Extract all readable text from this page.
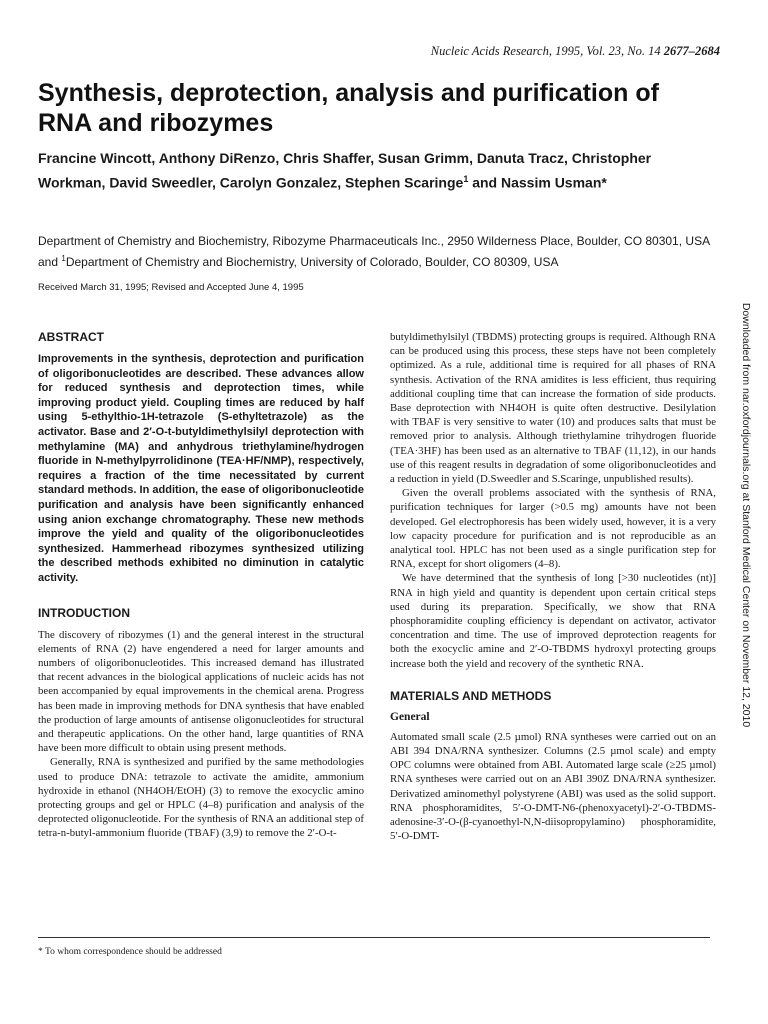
Nucleic Acids Research, 1995, Vol. 23, No. 14 2677–2684
Synthesis, deprotection, analysis and purification of RNA and ribozymes

Francine Wincott, Anthony DiRenzo, Chris Shaffer, Susan Grimm, Danuta Tracz, Christopher Workman, David Sweedler, Carolyn Gonzalez, Stephen Scaringe$^1$ and Nassim Usman*

Department of Chemistry and Biochemistry, Ribozyme Pharmaceuticals Inc., 2950 Wilderness Place, Boulder, CO 80301, USA and $^1$Department of Chemistry and Biochemistry, University of Colorado, Boulder, CO 80309, USA

Received March 31, 1995; Revised and Accepted June 4, 1995
ABSTRACT

Improvements in the synthesis, deprotection and purification of oligoribonucleotides are described. These advances allow for reduced synthesis and deprotection times, while improving product yield. Coupling times are reduced by half using 5-ethylthio-1H-tetrazole (S-ethyltetrazole) as the activator. Base and 2′-O-t-butyldimethylsilyl deprotection with methylamine (MA) and anhydrous triethylamine/hydrogen fluoride in N-methylpyrrolidinone (TEA·HF/NMP), respectively, requires a fraction of the time necessitated by current standard methods. In addition, the ease of oligoribonucleotide purification and analysis have been significantly enhanced using anion exchange chromatography. These new methods improve the yield and quality of the oligoribonucleotides synthesized. Hammerhead ribozymes synthesized utilizing the described methods exhibited no diminution in catalytic activity.

INTRODUCTION

The discovery of ribozymes (1) and the general interest in the structural elements of RNA (2) have engendered a need for larger amounts and numbers of oligoribonucleotides. This increased demand has illustrated that recent advances in the biological applications of nucleic acids has not been accompanied by equal improvements in the chemical arena. Progress has been made in improving methods for DNA synthesis that have enabled the production of large amounts of antisense oligonucleotides for structural and therapeutic applications. On the other hand, large quantities of RNA have been more difficult to obtain using present methods.

Generally, RNA is synthesized and purified by the same methodologies used to produce DNA: tetrazole to activate the amidite, ammonium hydroxide in ethanol (NH4OH/EtOH) (3) to remove the exocyclic amino protecting groups and gel or HPLC (4–8) purification and analysis of the deprotected oligonucleotide. For the synthesis of RNA an additional step of tetra-n-butyl-ammonium fluoride (TBAF) (3,9) to remove the 2′-O-t-

butyldimethylsilyl (TBDMS) protecting groups is required. Although RNA can be produced using this process, these steps have not been completely optimized. As a rule, additional time is required for all phases of RNA synthesis. Activation of the RNA amidites is less efficient, thus requiring additional coupling time that can increase the formation of side products. Base deprotection with NH4OH is quite often destructive. Desilylation with TBAF is very sensitive to water (10) and produces salts that must be removed prior to analysis. Although triethylamine trihydrogen fluoride (TEA·3HF) has been used as an alternative to TBAF (11,12), in our hands use of this reagent results in degradation of some oligoribonucleotides and a reduction in yield (D.Sweedler and S.Scaringe, unpublished results).

Given the overall problems associated with the synthesis of RNA, purification techniques for larger (>0.5 mg) amounts have not been developed. Gel electrophoresis has been widely used, however, it is a very low capacity procedure for purification and is not reproducible as an analytical tool. HPLC has not been used as a single purification step for RNA, except for short oligomers (4–8).

We have determined that the synthesis of long [>30 nucleotides (nt)] RNA in high yield and quantity is dependent upon certain critical steps used during its preparation. Specifically, we show that RNA phosphoramidite coupling efficiency is dependant on activator, activator concentration and time. The use of improved deprotection reagents for both the exocyclic amine and 2′-O-TBDMS hydroxyl protecting groups increase both the yield and recovery of the synthetic RNA.

MATERIALS AND METHODS
General

Automated small scale (2.5 µmol) RNA syntheses were carried out on an ABI 394 DNA/RNA synthesizer. Columns (2.5 µmol scale) and empty OPC columns were obtained from ABI. Automated large scale (≥25 µmol) RNA syntheses were carried out on an ABI 390Z DNA/RNA synthesizer. Derivatized aminomethyl polystyrene (ABI) was used as the solid support. RNA phosphoramidites, 5′-O-DMT-N6-(phenoxyacetyl)-2′-O-TBDMS-adenosine-3′-O-(β-cyanoethyl-N,N-diisopropylamino) phosphoramidite, 5′-O-DMT-

Downloaded from nar.oxfordjournals.org at Stanford Medical Center on November 12, 2010
* To whom correspondence should be addressed
